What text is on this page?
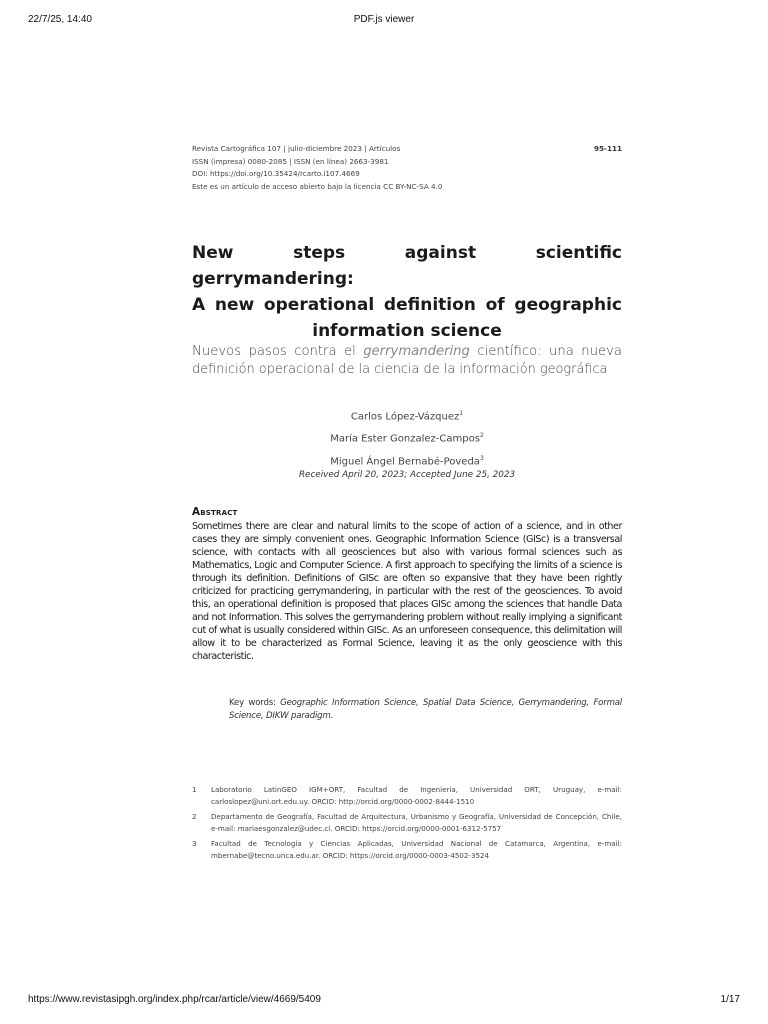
22/7/25, 14:40	PDF.js viewer
Revista Cartográfica 107 | julio-diciembre 2023 | Artículos	95-111
ISSN (impresa) 0080-2085 | ISSN (en línea) 2663-3981
DOI: https://doi.org/10.35424/rcarto.i107.4669
Este es un artículo de acceso abierto bajo la licencia CC BY-NC-SA 4.0
New steps against scientific gerrymandering:
A new operational definition of geographic
information science
Nuevos pasos contra el gerrymandering científico: una nueva
definición operacional de la ciencia de la información geográfica
Carlos López-Vázquez$^1$
María Ester Gonzalez-Campos$^2$
Miguel Ángel Bernabé-Poveda$^3$
Received April 20, 2023; Accepted June 25, 2023
Abstract
Sometimes there are clear and natural limits to the scope of action of a science, and in other cases they are simply convenient ones. Geographic Information Science (GISc) is a transversal science, with contacts with all geosciences but also with various formal sciences such as Mathematics, Logic and Computer Science. A first approach to specifying the limits of a science is through its definition. Definitions of GISc are often so expansive that they have been rightly criticized for practicing gerrymandering, in particular with the rest of the geosciences. To avoid this, an operational definition is proposed that places GISc among the sciences that handle Data and not Information. This solves the gerrymandering problem without really implying a significant cut of what is usually considered within GISc. As an unforeseen consequence, this delimitation will allow it to be characterized as Formal Science, leaving it as the only geoscience with this characteristic.
Key words: Geographic Information Science, Spatial Data Science, Gerrymandering, Formal Science, DIKW paradigm.
1 Laboratorio LatinGEO IGM+ORT, Facultad de Ingeniería, Universidad ORT, Uruguay, e-mail: carloslopez@uni.ort.edu.uy. ORCID: http://orcid.org/0000-0002-8444-1510
2 Departamento de Geografía, Facultad de Arquitectura, Urbanismo y Geografía, Universidad de Concepción, Chile, e-mail: mariaesgonzalez@udec.cl. ORCID: https://orcid.org/0000-0001-6312-5757
3 Facultad de Tecnología y Ciencias Aplicadas, Universidad Nacional de Catamarca, Argentina, e-mail: mbernabe@tecno.unca.edu.ar. ORCID: https://orcid.org/0000-0003-4502-3524
https://www.revistasipgh.org/index.php/rcar/article/view/4669/5409	1/17
